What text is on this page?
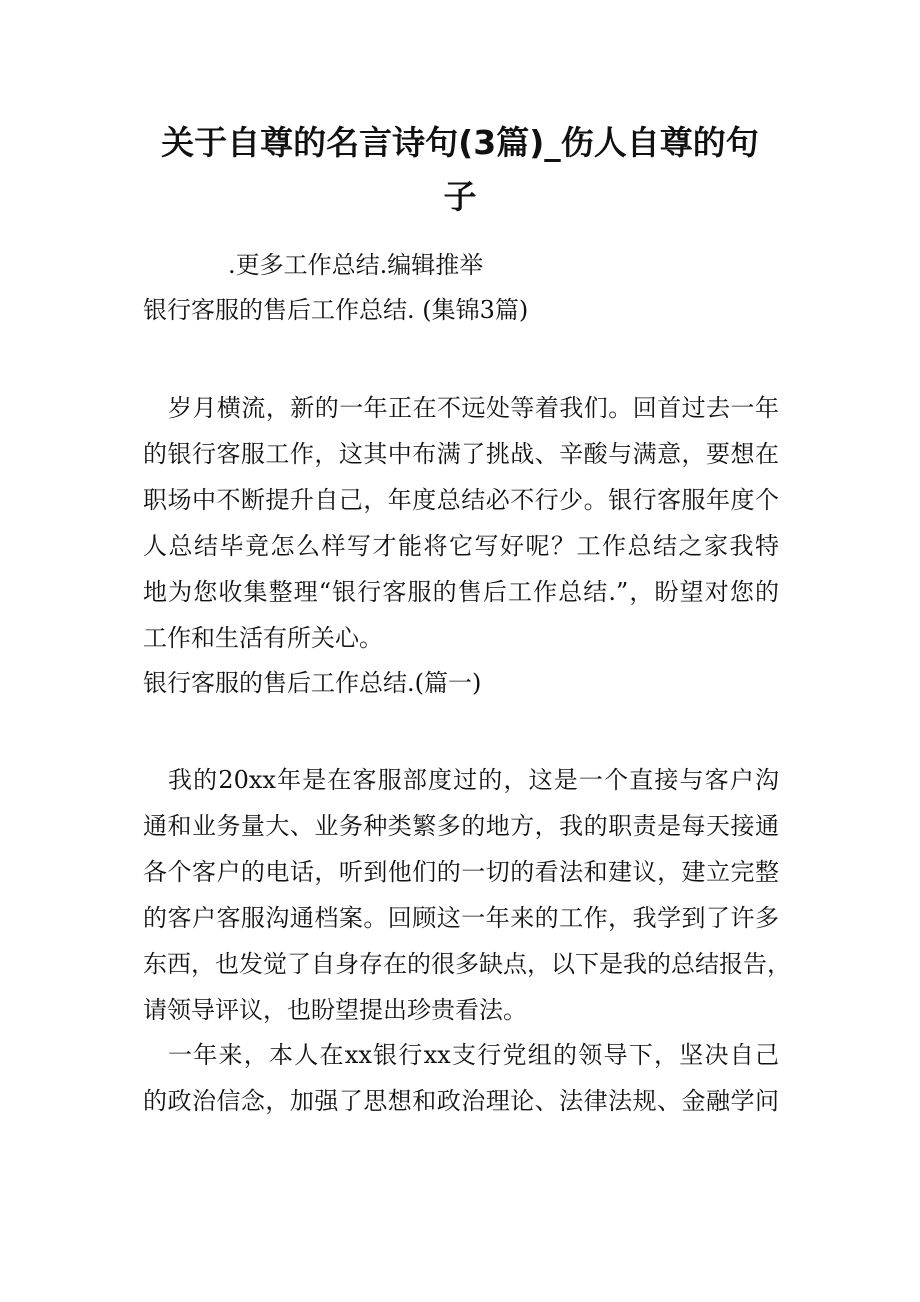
关于自尊的名言诗句(3篇)_伤人自尊的句
子
.更多工作总结.编辑推举
银行客服的售后工作总结. (集锦3篇)
岁月横流，新的一年正在不远处等着我们。回首过去一年
的银行客服工作，这其中布满了挑战、辛酸与满意，要想在
职场中不断提升自己，年度总结必不行少。银行客服年度个
人总结毕竟怎么样写才能将它写好呢？工作总结之家我特
地为您收集整理“银行客服的售后工作总结.”，盼望对您的
工作和生活有所关心。
银行客服的售后工作总结.(篇一)
我的20xx年是在客服部度过的，这是一个直接与客户沟
通和业务量大、业务种类繁多的地方，我的职责是每天接通
各个客户的电话，听到他们的一切的看法和建议，建立完整
的客户客服沟通档案。回顾这一年来的工作，我学到了许多
东西，也发觉了自身存在的很多缺点，以下是我的总结报告，
请领导评议，也盼望提出珍贵看法。
一年来，本人在xx银行xx支行党组的领导下，坚决自己
的政治信念，加强了思想和政治理论、法律法规、金融学问
